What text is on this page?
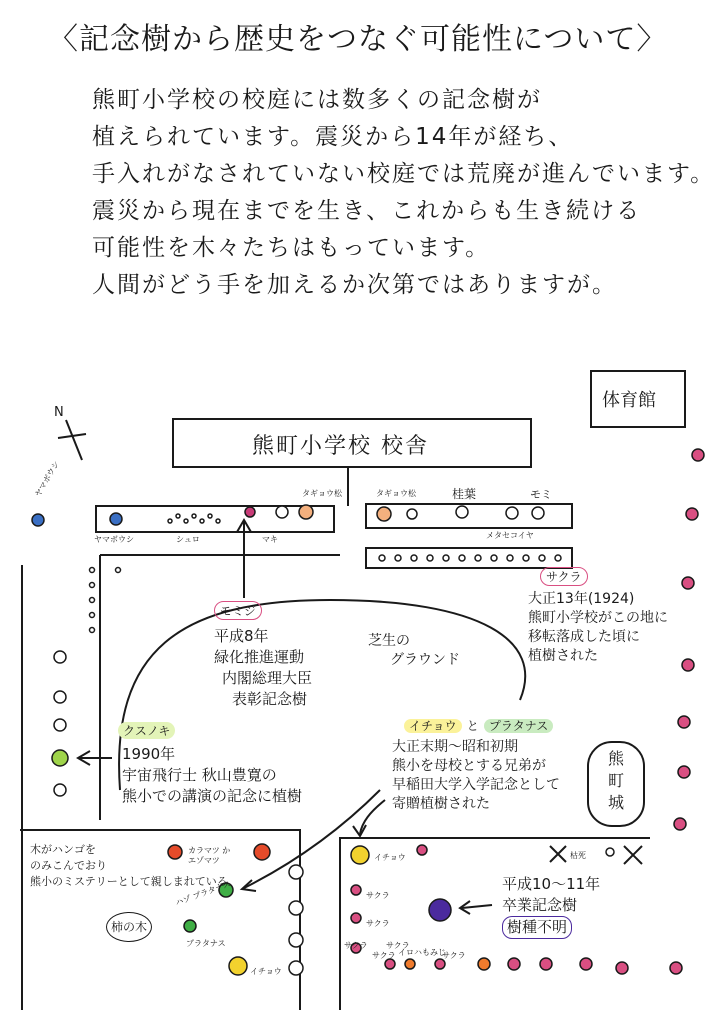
〈記念樹から歴史をつなぐ可能性について〉
熊町小学校の校庭には数多くの記念樹が
植えられています。震災から14年が経ち、
手入れがなされていない校庭では荒廃が進んでいます。
震災から現在までを生き、これからも生き続ける
可能性を木々たちはもっています。
人間がどう手を加えるか次第ではありますが。
体育館
熊町小学校 校舎
N
ヤマボウシ
ヤマボウシ	シュロ	マキ
タギョウ松	タギョウ松	桂葉	モミ
メタセコイヤ
芝生の
グラウンド
サクラ
大正13年(1924)
熊町小学校がこの地に
移転落成した頃に
植樹された
モミジ
平成8年
緑化推進運動
内閣総理大臣
表彰記念樹
クスノキ
1990年
宇宙飛行士 秋山豊寛の
熊小での講演の記念に植樹
イチョウ と プラタナス
大正末期～昭和初期
熊小を母校とする兄弟が
早稲田大学入学記念として
寄贈植樹された
熊町城
木がハンゴを
のみこんでおり
熊小のミステリーとして親しまれている
柿の木
カラマツ か エゾマツ
ハゾ プラタナス
プラタナス
イチョウ
イチョウ
サクラ
サクラ
サクラ
サクラ
サクラ
イロハもみじ
サクラ
枯死
平成10～11年
卒業記念樹
樹種不明
